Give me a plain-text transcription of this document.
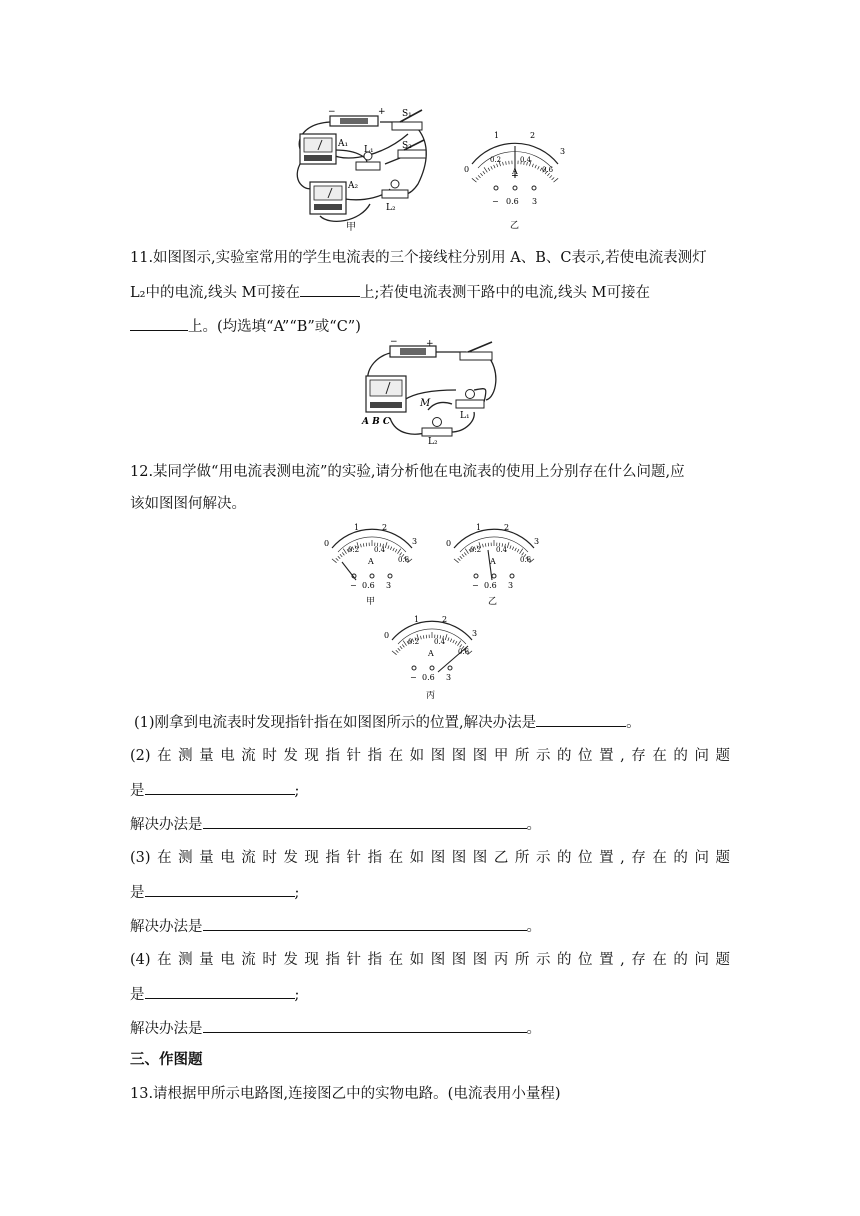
−	+ S₁
A₁
L₁	S₂
A₂
L₂
甲
0
1	2
3
0.2	0.4
0.6
A
− 0.6 3
乙
11.如图图示,实验室常用的学生电流表的三个接线柱分别用 A、B、C表示,若使电流表测灯
L₂中的电流,线头 M可接在	上;若使电流表测干路中的电流,线头 M可接在
上。(均选填“A”“B”或“C”)
−	+
A B C
M
L₁
L₂
12.某同学做“用电流表测电流”的实验,请分析他在电流表的使用上分别存在什么问题,应
该如图图何解决。
0
1	2
3
0.2 0.4
0.6
A
− 0.6 3
甲
0
1	2
3
0.2 0.4
0.6
A
− 0.6 3
乙
0
1	2
3
0.2 0.4
0.6
A
− 0.6 3
丙
(1)刚拿到电流表时发现指针指在如图图所示的位置,解决办法是	。
(2)在测量电流时发现指针指在如图图图甲所示的位置,存在的问题
是	;
解决办法是	。
(3)在测量电流时发现指针指在如图图图乙所示的位置,存在的问题
是	;
解决办法是	。
(4)在测量电流时发现指针指在如图图图丙所示的位置,存在的问题
是	;
解决办法是	。
三、作图题
13.请根据甲所示电路图,连接图乙中的实物电路。(电流表用小量程)
